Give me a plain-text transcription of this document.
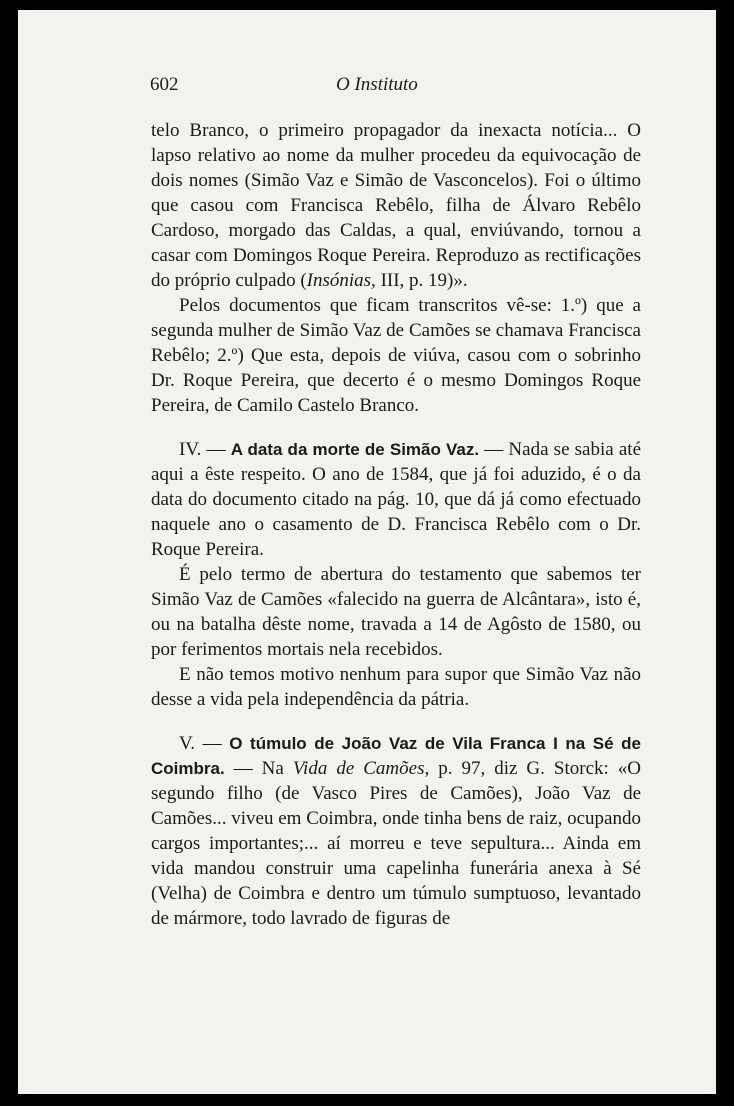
602	O Instituto

telo Branco, o primeiro propagador da inexacta notícia... O lapso relativo ao nome da mulher procedeu da equivocação de dois nomes (Simão Vaz e Simão de Vasconcelos). Foi o último que casou com Francisca Rebêlo, filha de Álvaro Rebêlo Cardoso, morgado das Caldas, a qual, enviúvando, tornou a casar com Domingos Roque Pereira. Reproduzo as rectificações do próprio culpado (Insónias, III, p. 19)».

Pelos documentos que ficam transcritos vê-se: 1.º) que a segunda mulher de Simão Vaz de Camões se chamava Francisca Rebêlo; 2.º) Que esta, depois de viúva, casou com o sobrinho Dr. Roque Pereira, que decerto é o mesmo Domingos Roque Pereira, de Camilo Castelo Branco.

IV. — A data da morte de Simão Vaz. — Nada se sabia até aqui a êste respeito. O ano de 1584, que já foi aduzido, é o da data do documento citado na pág. 10, que dá já como efectuado naquele ano o casamento de D. Francisca Rebêlo com o Dr. Roque Pereira.

É pelo termo de abertura do testamento que sabemos ter Simão Vaz de Camões «falecido na guerra de Alcântara», isto é, ou na batalha dêste nome, travada a 14 de Agôsto de 1580, ou por ferimentos mortais nela recebidos.

E não temos motivo nenhum para supor que Simão Vaz não desse a vida pela independência da pátria.

V. — O túmulo de João Vaz de Vila Franca I na Sé de Coimbra. — Na Vida de Camões, p. 97, diz G. Storck: «O segundo filho (de Vasco Pires de Camões), João Vaz de Camões... viveu em Coimbra, onde tinha bens de raiz, ocupando cargos importantes;... aí morreu e teve sepultura... Ainda em vida mandou construir uma capelinha funerária anexa à Sé (Velha) de Coimbra e dentro um túmulo sumptuoso, levantado de mármore, todo lavrado de figuras de
